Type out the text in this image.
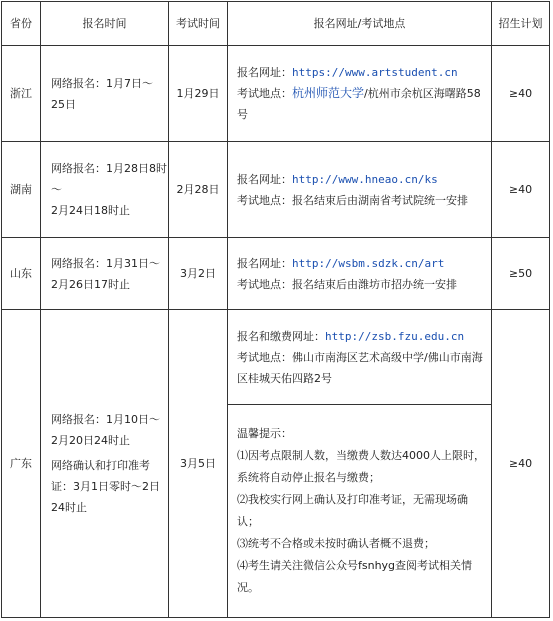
省份	报名时间	考试时间	报名网址/考试地点	招生计划
浙江	网络报名：1月7日～25日	1月29日	报名网址：https://www.artstudent.cn
考试地点：杭州师范大学/杭州市余杭区海曙路58号	≥40
湖南	网络报名：1月28日8时
～
2月24日18时止	2月28日	报名网址：http://www.hneao.cn/ks
考试地点：报名结束后由湖南省考试院统一安排	≥40
山东	网络报名：1月31日～2月26日17时止	3月2日	报名网址：http://wsbm.sdzk.cn/art
考试地点：报名结束后由潍坊市招办统一安排	≥50
广东	网络报名：1月10日～2月20日24时止
网络确认和打印准考证：3月1日零时～2日24时止	3月5日	报名和缴费网址：http://zsb.fzu.edu.cn
考试地点：佛山市南海区艺术高级中学/佛山市南海区桂城天佑四路2号	≥40

			温馨提示：
⑴因考点限制人数，当缴费人数达4000人上限时，系统将自动停止报名与缴费；
⑵我校实行网上确认及打印准考证，无需现场确认；
⑶统考不合格或未按时确认者概不退费；
⑷考生请关注微信公众号fsnhyg查阅考试相关情况。	
